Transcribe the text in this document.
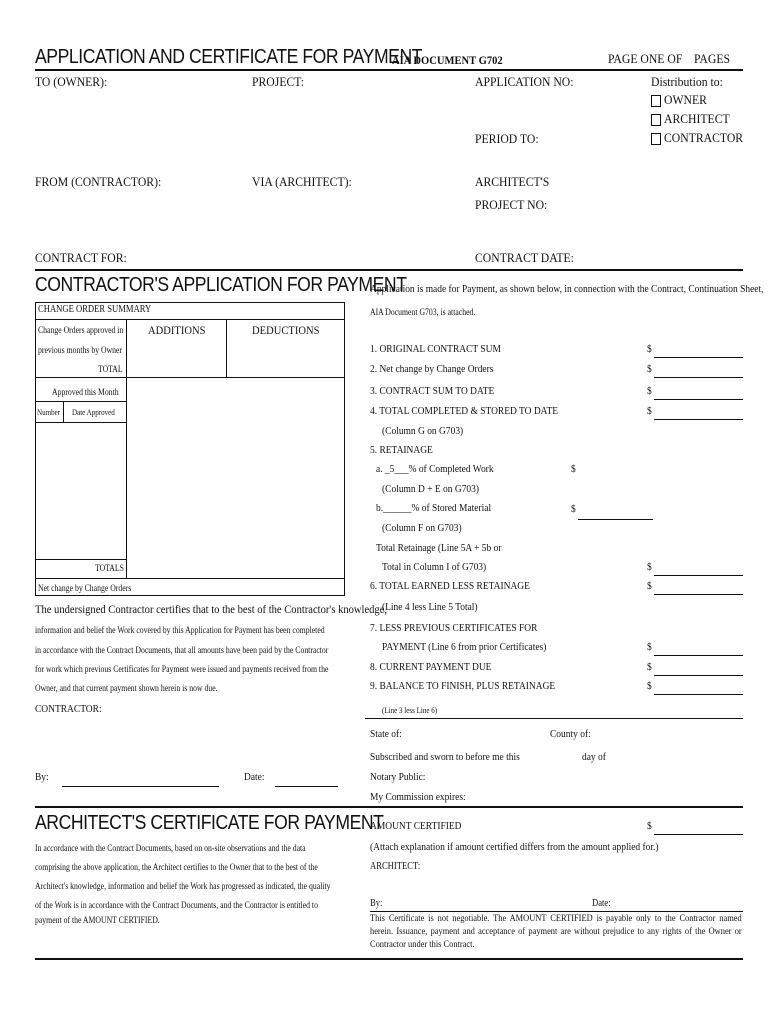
APPLICATION AND CERTIFICATE FOR PAYMENT
AIA DOCUMENT G702	PAGE ONE OF PAGES
TO (OWNER):	PROJECT:	APPLICATION NO:	Distribution to:
OWNER
ARCHITECT
CONTRACTOR
PERIOD TO:
FROM (CONTRACTOR):	VIA (ARCHITECT):	ARCHITECT'S
PROJECT NO:
CONTRACT FOR:	CONTRACT DATE:
CONTRACTOR'S APPLICATION FOR PAYMENT
Application is made for Payment, as shown below, in connection with the Contract, Continuation Sheet,
AIA Document G703, is attached.
CHANGE ORDER SUMMARY
Change Orders approved in
previous months by Owner
ADDITIONS	DEDUCTIONS
TOTAL
Approved this Month
Number Date Approved
TOTALS
Net change by Change Orders
1. ORIGINAL CONTRACT SUM	$
2. Net change by Change Orders	$
3. CONTRACT SUM TO DATE	$
4. TOTAL COMPLETED & STORED TO DATE	$
(Column G on G703)
5. RETAINAGE
a. _5___% of Completed Work	$
(Column D + E on G703)
b.______% of Stored Material	$
(Column F on G703)
Total Retainage (Line 5A + 5b or
Total in Column I of G703)	$
6. TOTAL EARNED LESS RETAINAGE	$
(Line 4 less Line 5 Total)
7. LESS PREVIOUS CERTIFICATES FOR
PAYMENT (Line 6 from prior Certificates)	$
8. CURRENT PAYMENT DUE	$
9. BALANCE TO FINISH, PLUS RETAINAGE	$
(Line 3 less Line 6)
The undersigned Contractor certifies that to the best of the Contractor's knowledge,
information and belief the Work covered by this Application for Payment has been completed
in accordance with the Contract Documents, that all amounts have been paid by the Contractor
for work which previous Certificates for Payment were issued and payments received from the
Owner, and that current payment shown herein is now due.
CONTRACTOR:
By:	Date:
State of:	County of:
Subscribed and sworn to before me this	day of
Notary Public:
My Commission expires:
ARCHITECT'S CERTIFICATE FOR PAYMENT
In accordance with the Contract Documents, based on on-site observations and the data
comprising the above application, the Architect certifies to the Owner that to the best of the
Architect's knowledge, information and belief the Work has progressed as indicated, the quality
of the Work is in accordance with the Contract Documents, and the Contractor is entitled to
payment of the AMOUNT CERTIFIED.
AMOUNT CERTIFIED	$
(Attach explanation if amount certified differs from the amount applied for.)
ARCHITECT:
By:	Date:
This Certificate is not negotiable. The AMOUNT CERTIFIED is payable only to the Contractor named herein. Issuance, payment and acceptance of payment are without prejudice to any rights of the Owner or Contractor under this Contract.
